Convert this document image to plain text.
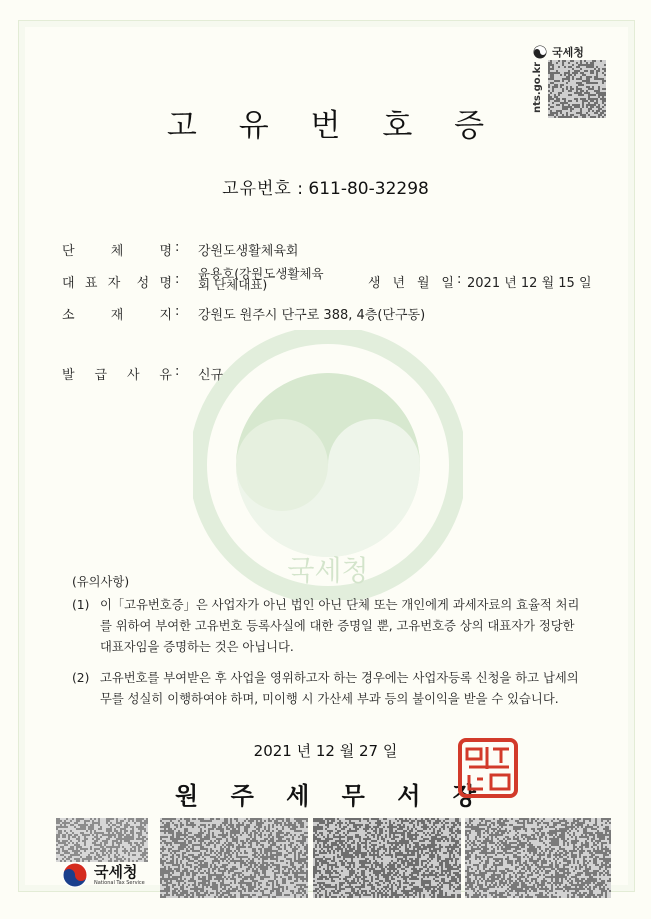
국세청
국세청
nts.go.kr
고 유 번 호 증
고유번호 : 611-80-32298
단	체	명 : 강원도생활체육회
대 표 자 성 명 : 윤용호(강원도생활체육
회 단체대표)	생 년 월 일 : 2021 년 12 월 15 일
소	재	지 : 강원도 원주시 단구로 388, 4층(단구동)
발 급 사 유 : 신규
(유의사항)
(1) 이「고유번호증」은 사업자가 아닌 법인 아닌 단체 또는 개인에게 과세자료의 효율적 처리를 위하여 부여한 고유번호 등록사실에 대한 증명일 뿐, 고유번호증 상의 대표자가 정당한 대표자임을 증명하는 것은 아닙니다.
(2) 고유번호를 부여받은 후 사업을 영위하고자 하는 경우에는 사업자등록 신청을 하고 납세의무를 성실히 이행하여야 하며, 미이행 시 가산세 부과 등의 불이익을 받을 수 있습니다.
2021 년 12 월 27 일
원 주 세 무 서 장
국세청
National Tax Service
